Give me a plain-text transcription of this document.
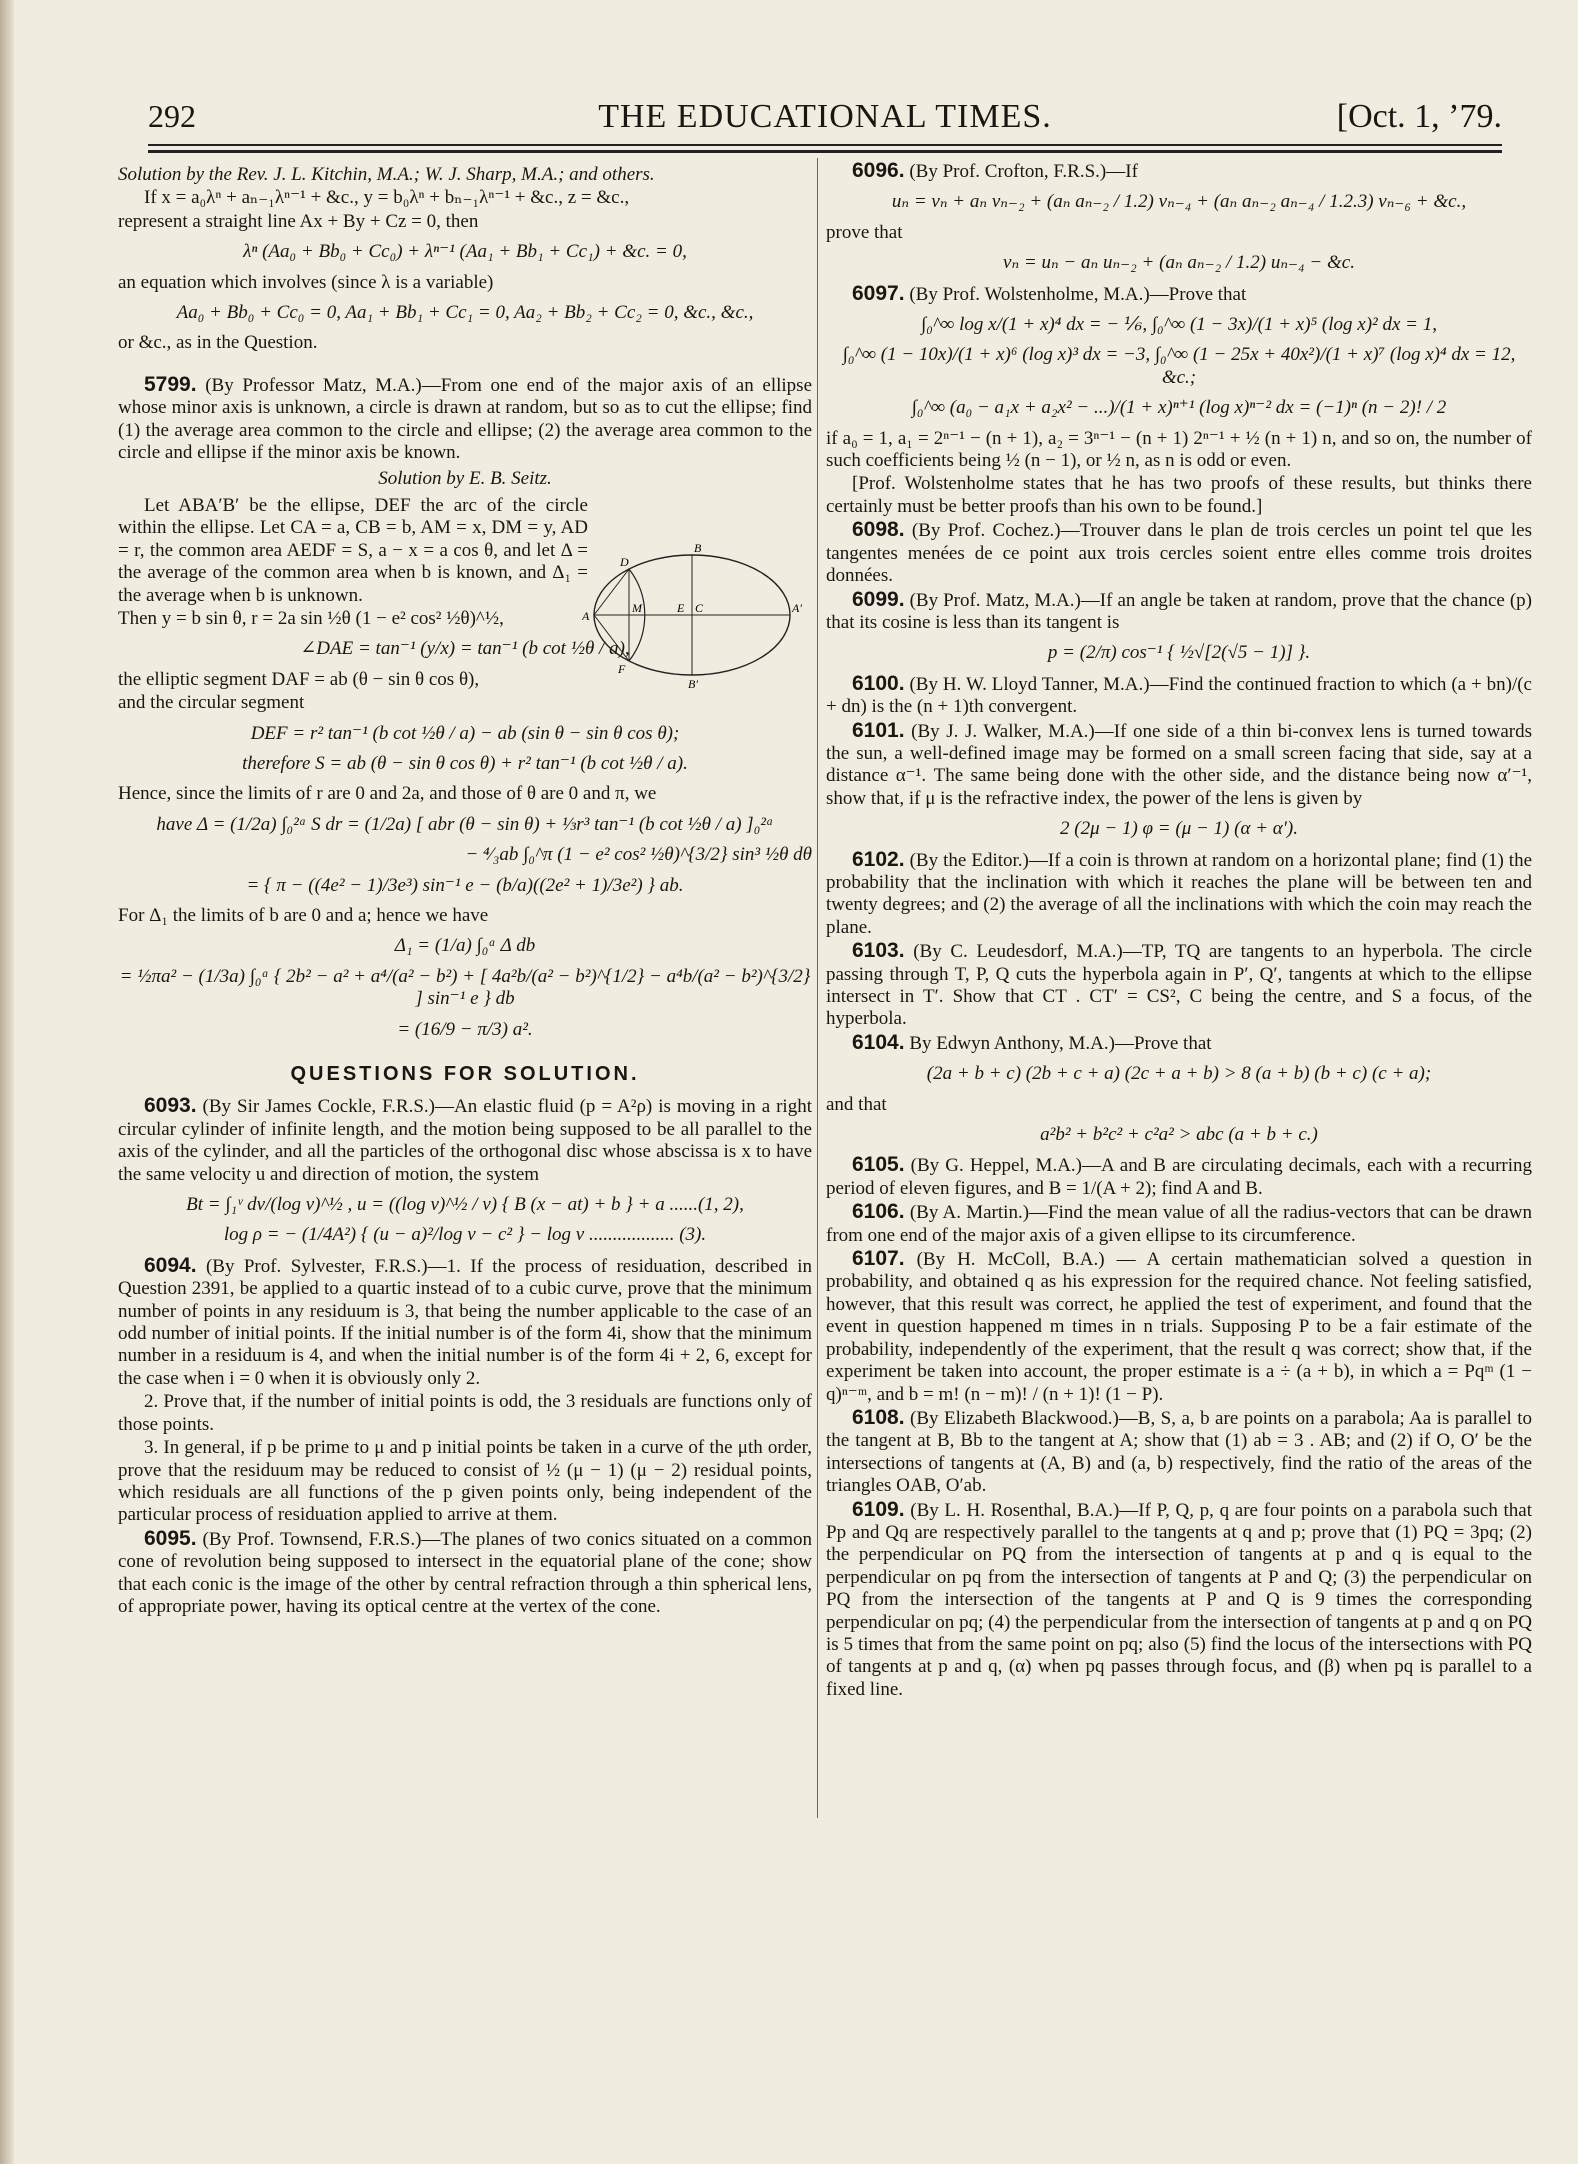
THE EDUCATIONAL TIMES.
292	[Oct. 1, ’79.

Solution by the Rev. J. L. Kitchin, M.A.; W. J. Sharp, M.A.; and others.

If x = a₀λⁿ + aₙ₋₁λⁿ⁻¹ + &c., y = b₀λⁿ + bₙ₋₁λⁿ⁻¹ + &c., z = &c.,

represent a straight line Ax + By + Cz = 0, then

λⁿ (Aa₀ + Bb₀ + Cc₀) + λⁿ⁻¹ (Aa₁ + Bb₁ + Cc₁) + &c. = 0,

an equation which involves (since λ is a variable)

Aa₀ + Bb₀ + Cc₀ = 0, Aa₁ + Bb₁ + Cc₁ = 0, Aa₂ + Bb₂ + Cc₂ = 0, &c., &c.,

or &c., as in the Question.

5799. (By Professor Matz, M.A.)—From one end of the major axis of an ellipse whose minor axis is unknown, a circle is drawn at random, but so as to cut the ellipse; find (1) the average area common to the circle and ellipse; (2) the average area common to the circle and ellipse if the minor axis be known.

Solution by E. B. Seitz.

Let ABA′B′ be the ellipse, DEF the arc of the circle within the ellipse. Let CA = a, CB = b, AM = x, DM = y, AD = r, the common area AEDF = S, a − x = a cos θ, and let Δ = the average of the common area when b is known, and Δ₁ = the average when b is unknown.

Then y = b sin θ, r = 2a sin ½θ (1 − e² cos² ½θ)^½,

∠DAE = tan⁻¹ (y/x) = tan⁻¹ (b cot ½θ / a),

the elliptic segment DAF = ab (θ − sin θ cos θ),

and the circular segment

DEF = r² tan⁻¹ (b cot ½θ / a) − ab (sin θ − sin θ cos θ);

therefore S = ab (θ − sin θ cos θ) + r² tan⁻¹ (b cot ½θ / a).

Hence, since the limits of r are 0 and 2a, and those of θ are 0 and π, we

have Δ = (1/2a) ∫₀²ᵃ S dr = (1/2a) [ abr (θ − sin θ) + ⅓r³ tan⁻¹ (b cot ½θ / a) ]₀²ᵃ

− ⁴⁄₃ab ∫₀^π (1 − e² cos² ½θ)^{3/2} sin³ ½θ dθ

= { π − ((4e² − 1)/3e³) sin⁻¹ e − (b/a)((2e² + 1)/3e²) } ab.

For Δ₁ the limits of b are 0 and a; hence we have

Δ₁ = (1/a) ∫₀ᵃ Δ db

= ½πa² − (1/3a) ∫₀ᵃ { 2b² − a² + a⁴/(a² − b²) + [ 4a²b/(a² − b²)^{1/2} − a⁴b/(a² − b²)^{3/2} ] sin⁻¹ e } db

= (16/9 − π/3) a².

QUESTIONS FOR SOLUTION.

6093. (By Sir James Cockle, F.R.S.)—An elastic fluid (p = A²ρ) is moving in a right circular cylinder of infinite length, and the motion being supposed to be all parallel to the axis of the cylinder, and all the particles of the orthogonal disc whose abscissa is x to have the same velocity u and direction of motion, the system

Bt = ∫₁ᵛ dv/(log v)^½ , u = ((log v)^½ / v) { B (x − at) + b } + a ......(1, 2),

log ρ = − (1/4A²) { (u − a)²/log v − c² } − log v .................. (3).

6094. (By Prof. Sylvester, F.R.S.)—1. If the process of residuation, described in Question 2391, be applied to a quartic instead of to a cubic curve, prove that the minimum number of points in any residuum is 3, that being the number applicable to the case of an odd number of initial points. If the initial number is of the form 4i, show that the minimum number in a residuum is 4, and when the initial number is of the form 4i + 2, 6, except for the case when i = 0 when it is obviously only 2.

2. Prove that, if the number of initial points is odd, the 3 residuals are functions only of those points.

3. In general, if p be prime to μ and p initial points be taken in a curve of the μth order, prove that the residuum may be reduced to consist of ½ (μ − 1) (μ − 2) residual points, which residuals are all functions of the p given points only, being independent of the particular process of residuation applied to arrive at them.

6095. (By Prof. Townsend, F.R.S.)—The planes of two conics situated on a common cone of revolution being supposed to intersect in the equatorial plane of the cone; show that each conic is the image of the other by central refraction through a thin spherical lens, of appropriate power, having its optical centre at the vertex of the cone.

A
M	E C	A′
B
B′
D
F

6096. (By Prof. Crofton, F.R.S.)—If

uₙ = vₙ + aₙ vₙ₋₂ + (aₙ aₙ₋₂ / 1.2) vₙ₋₄ + (aₙ aₙ₋₂ aₙ₋₄ / 1.2.3) vₙ₋₆ + &c.,

prove that

vₙ = uₙ − aₙ uₙ₋₂ + (aₙ aₙ₋₂ / 1.2) uₙ₋₄ − &c.

6097. (By Prof. Wolstenholme, M.A.)—Prove that

∫₀^∞ log x/(1 + x)⁴ dx = − ⅙, ∫₀^∞ (1 − 3x)/(1 + x)⁵ (log x)² dx = 1,

∫₀^∞ (1 − 10x)/(1 + x)⁶ (log x)³ dx = −3, ∫₀^∞ (1 − 25x + 40x²)/(1 + x)⁷ (log x)⁴ dx = 12, &c.;

∫₀^∞ (a₀ − a₁x + a₂x² − ...)/(1 + x)ⁿ⁺¹ (log x)ⁿ⁻² dx = (−1)ⁿ (n − 2)! / 2

if a₀ = 1, a₁ = 2ⁿ⁻¹ − (n + 1), a₂ = 3ⁿ⁻¹ − (n + 1) 2ⁿ⁻¹ + ½ (n + 1) n, and so on, the number of such coefficients being ½ (n − 1), or ½ n, as n is odd or even.

[Prof. Wolstenholme states that he has two proofs of these results, but thinks there certainly must be better proofs than his own to be found.]

6098. (By Prof. Cochez.)—Trouver dans le plan de trois cercles un point tel que les tangentes menées de ce point aux trois cercles soient entre elles comme trois droites données.

6099. (By Prof. Matz, M.A.)—If an angle be taken at random, prove that the chance (p) that its cosine is less than its tangent is

p = (2/π) cos⁻¹ { ½√[2(√5 − 1)] }.

6100. (By H. W. Lloyd Tanner, M.A.)—Find the continued fraction to which (a + bn)/(c + dn) is the (n + 1)th convergent.

6101. (By J. J. Walker, M.A.)—If one side of a thin bi-convex lens is turned towards the sun, a well-defined image may be formed on a small screen facing that side, say at a distance α⁻¹. The same being done with the other side, and the distance being now α′⁻¹, show that, if μ is the refractive index, the power of the lens is given by

2 (2μ − 1) φ = (μ − 1) (α + α′).

6102. (By the Editor.)—If a coin is thrown at random on a horizontal plane; find (1) the probability that the inclination with which it reaches the plane will be between ten and twenty degrees; and (2) the average of all the inclinations with which the coin may reach the plane.

6103. (By C. Leudesdorf, M.A.)—TP, TQ are tangents to an hyperbola. The circle passing through T, P, Q cuts the hyperbola again in P′, Q′, tangents at which to the ellipse intersect in T′. Show that CT . CT′ = CS², C being the centre, and S a focus, of the hyperbola.

6104. By Edwyn Anthony, M.A.)—Prove that

(2a + b + c) (2b + c + a) (2c + a + b) > 8 (a + b) (b + c) (c + a);

and that

a²b² + b²c² + c²a² > abc (a + b + c.)

6105. (By G. Heppel, M.A.)—A and B are circulating decimals, each with a recurring period of eleven figures, and B = 1/(A + 2); find A and B.

6106. (By A. Martin.)—Find the mean value of all the radius-vectors that can be drawn from one end of the major axis of a given ellipse to its circumference.

6107. (By H. McColl, B.A.) — A certain mathematician solved a question in probability, and obtained q as his expression for the required chance. Not feeling satisfied, however, that this result was correct, he applied the test of experiment, and found that the event in question happened m times in n trials. Supposing P to be a fair estimate of the probability, independently of the experiment, that the result q was correct; show that, if the experiment be taken into account, the proper estimate is a ÷ (a + b), in which a = Pqᵐ (1 − q)ⁿ⁻ᵐ, and b = m! (n − m)! / (n + 1)! (1 − P).

6108. (By Elizabeth Blackwood.)—B, S, a, b are points on a parabola; Aa is parallel to the tangent at B, Bb to the tangent at A; show that (1) ab = 3 . AB; and (2) if O, O′ be the intersections of tangents at (A, B) and (a, b) respectively, find the ratio of the areas of the triangles OAB, O′ab.

6109. (By L. H. Rosenthal, B.A.)—If P, Q, p, q are four points on a parabola such that Pp and Qq are respectively parallel to the tangents at q and p; prove that (1) PQ = 3pq; (2) the perpendicular on PQ from the intersection of tangents at p and q is equal to the perpendicular on pq from the intersection of tangents at P and Q; (3) the perpendicular on PQ from the intersection of the tangents at P and Q is 9 times the corresponding perpendicular on pq; (4) the perpendicular from the intersection of tangents at p and q on PQ is 5 times that from the same point on pq; also (5) find the locus of the intersections with PQ of tangents at p and q, (α) when pq passes through focus, and (β) when pq is parallel to a fixed line.
